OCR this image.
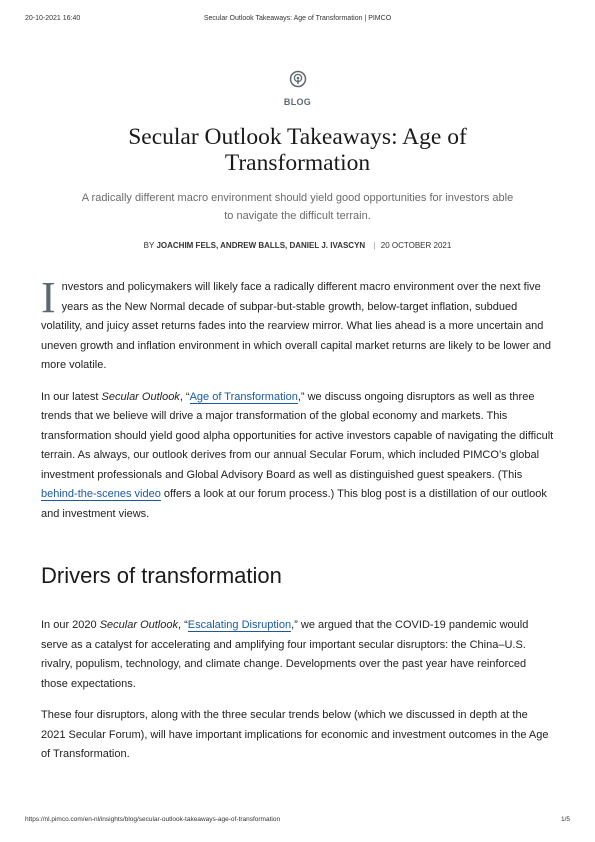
20-10-2021 16:40	Secular Outlook Takeaways: Age of Transformation | PIMCO
BLOG
Secular Outlook Takeaways: Age of Transformation

A radically different macro environment should yield good opportunities for investors able to navigate the difficult terrain.

BY JOACHIM FELS, ANDREW BALLS, DANIEL J. IVASCYN | 20 OCTOBER 2021

Investors and policymakers will likely face a radically different macro environment over the next five years as the New Normal decade of subpar-but-stable growth, below-target inflation, subdued volatility, and juicy asset returns fades into the rearview mirror. What lies ahead is a more uncertain and uneven growth and inflation environment in which overall capital market returns are likely to be lower and more volatile.

In our latest Secular Outlook, “Age of Transformation,” we discuss ongoing disruptors as well as three trends that we believe will drive a major transformation of the global economy and markets. This transformation should yield good alpha opportunities for active investors capable of navigating the difficult terrain. As always, our outlook derives from our annual Secular Forum, which included PIMCO’s global investment professionals and Global Advisory Board as well as distinguished guest speakers. (This behind-the-scenes video offers a look at our forum process.) This blog post is a distillation of our outlook and investment views.

Drivers of transformation

In our 2020 Secular Outlook, “Escalating Disruption,” we argued that the COVID-19 pandemic would serve as a catalyst for accelerating and amplifying four important secular disruptors: the China–U.S. rivalry, populism, technology, and climate change. Developments over the past year have reinforced those expectations.

These four disruptors, along with the three secular trends below (which we discussed in depth at the 2021 Secular Forum), will have important implications for economic and investment outcomes in the Age of Transformation.

https://nl.pimco.com/en-nl/insights/blog/secular-outlook-takeaways-age-of-transformation	1/5
